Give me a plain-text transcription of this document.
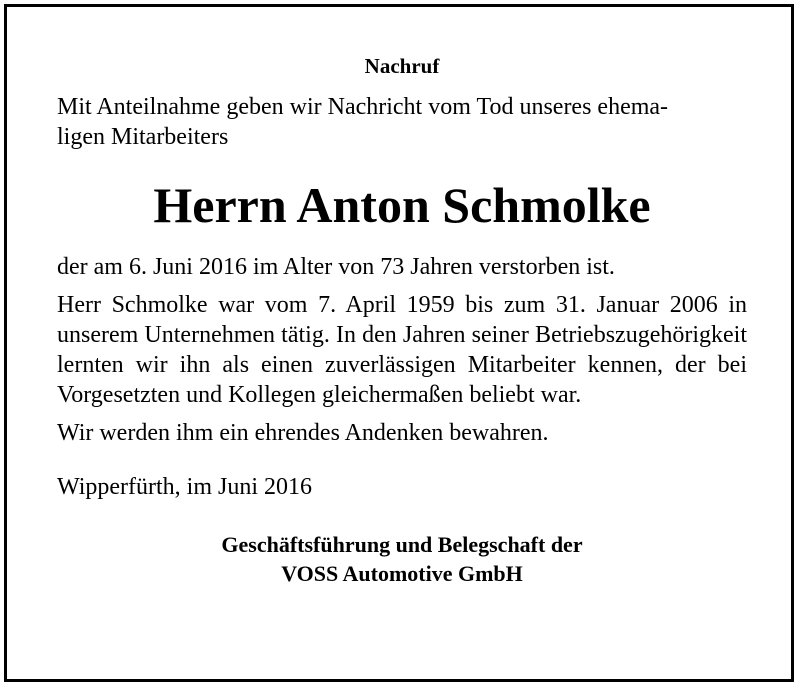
Nachruf
Mit Anteilnahme geben wir Nachricht vom Tod unseres ehema-
ligen Mitarbeiters
Herrn Anton Schmolke
der am 6. Juni 2016 im Alter von 73 Jahren verstorben ist.
Herr Schmolke war vom 7. April 1959 bis zum 31. Januar 2006 in unserem Unternehmen tätig. In den Jahren seiner Betriebszugehörigkeit lernten wir ihn als einen zuverlässigen Mitarbeiter kennen, der bei Vorgesetzten und Kollegen gleichermaßen beliebt war.
Wir werden ihm ein ehrendes Andenken bewahren.
Wipperfürth, im Juni 2016
Geschäftsführung und Belegschaft der
VOSS Automotive GmbH
